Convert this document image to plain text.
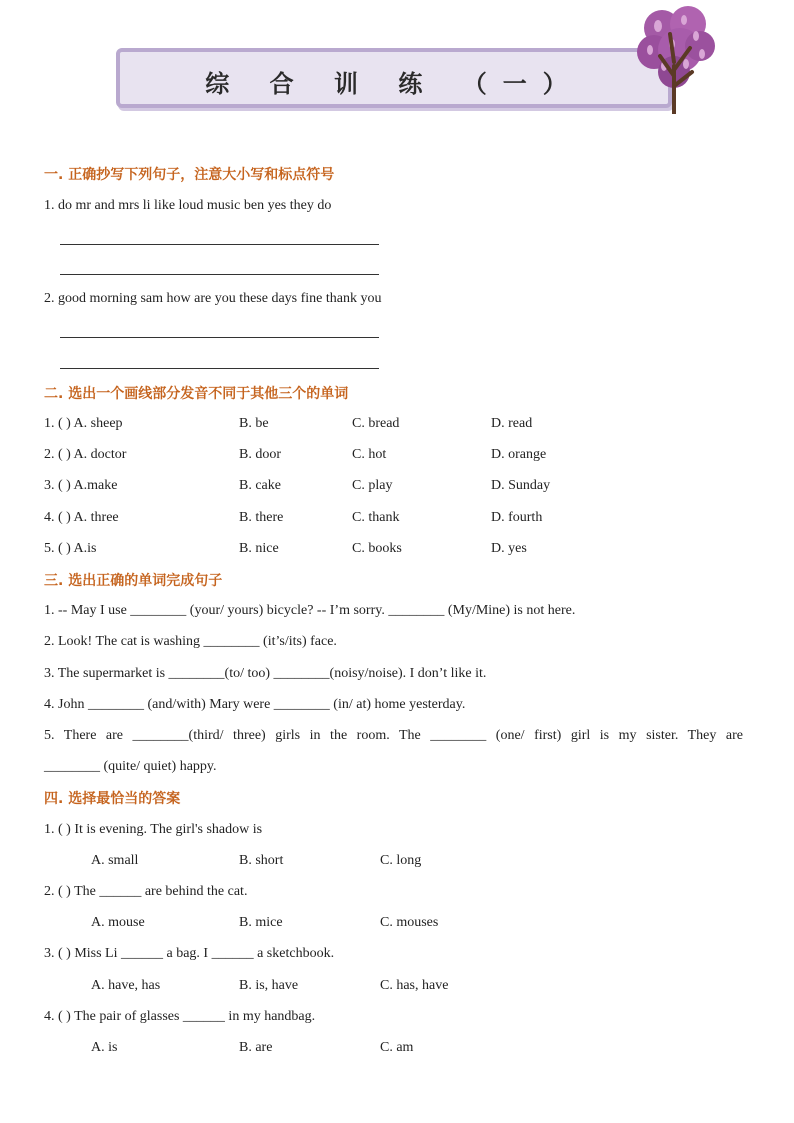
综 合 训 练 （一）
一. 正确抄写下列句子，注意大小写和标点符号
1. do mr and mrs li like loud music ben yes they do
2. good morning sam how are you these days fine thank you
二. 选出一个画线部分发音不同于其他三个的单词
1. ( ) A. sheep	B. be	C. bread	D. read
2. ( ) A. doctor	B. door	C. hot	D. orange
3. ( ) A.make	B. cake	C. play	D. Sunday
4. ( ) A. three	B. there	C. thank	D. fourth
5. ( ) A.is	B. nice	C. books	D. yes
三. 选出正确的单词完成句子
1. -- May I use ________ (your/ yours) bicycle? -- I’m sorry. ________ (My/Mine) is not here.
2. Look! The cat is washing ________ (it’s/its) face.
3. The supermarket is ________(to/ too) ________(noisy/noise). I don’t like it.
4. John ________ (and/with) Mary were ________ (in/ at) home yesterday.
5. There are ________(third/ three) girls in the room. The ________ (one/ first) girl is my sister. They are
________ (quite/ quiet) happy.
四. 选择最恰当的答案
1. ( ) It is evening. The girl's shadow is
A. small	B. short	C. long
2. ( ) The ______ are behind the cat.
A. mouse	B. mice	C. mouses
3. ( ) Miss Li ______ a bag. I ______ a sketchbook.
A. have, has	B. is, have	C. has, have
4. ( ) The pair of glasses ______ in my handbag.
A. is	B. are	C. am
